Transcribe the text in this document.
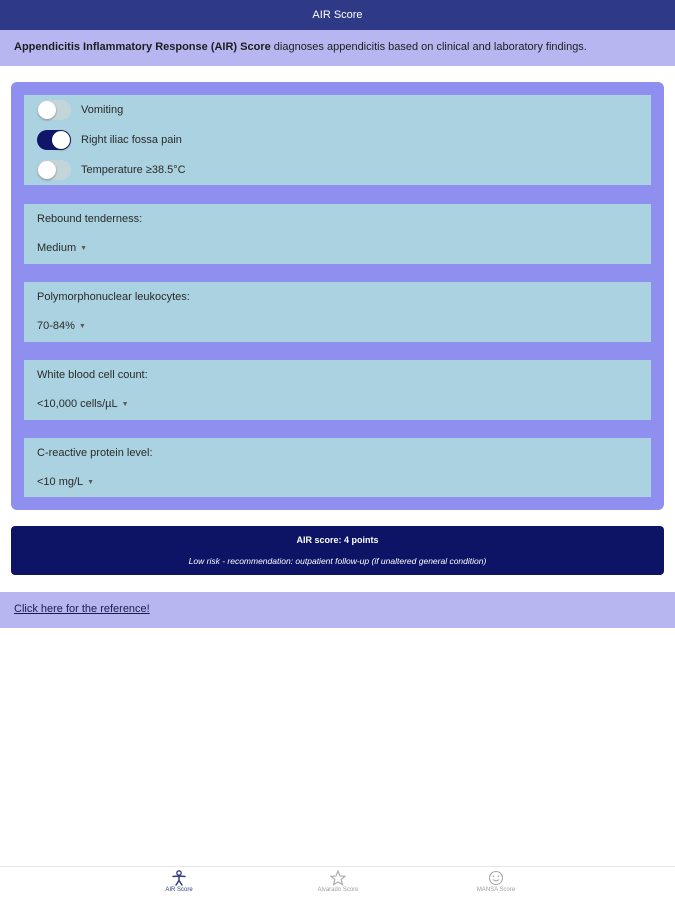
AIR Score
Appendicitis Inflammatory Response (AIR) Score diagnoses appendicitis based on clinical and laboratory findings.
Vomiting
Right iliac fossa pain
Temperature ≥38.5°C
Rebound tenderness:
Medium ▼
Polymorphonuclear leukocytes:
70-84% ▼
White blood cell count:
<10,000 cells/µL ▼
C-reactive protein level:
<10 mg/L ▼
AIR score: 4 points
Low risk - recommendation: outpatient follow-up (if unaltered general condition)
Click here for the reference!
AIR Score	Alvarado Score	MANSA Score
